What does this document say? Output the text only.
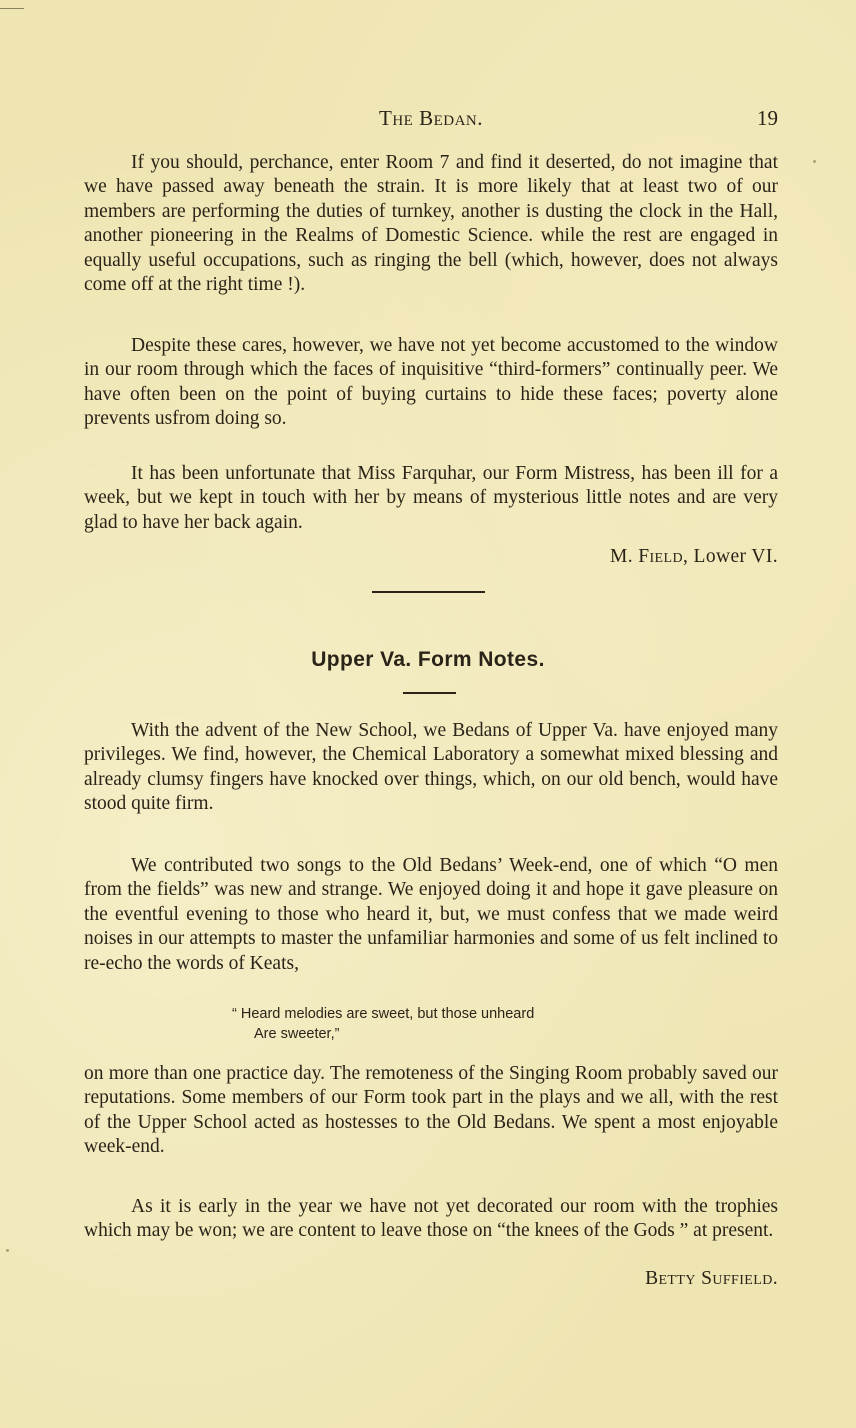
The Bedan.	19

If you should, perchance, enter Room 7 and find it deserted, do not imagine that we have passed away beneath the strain. It is more likely that at least two of our members are performing the duties of turnkey, another is dusting the clock in the Hall, another pioneering in the Realms of Domestic Science. while the rest are engaged in equally useful occupations, such as ringing the bell (which, however, does not always come off at the right time !).

Despite these cares, however, we have not yet become accustomed to the window in our room through which the faces of inquisitive “third-formers” continually peer. We have often been on the point of buying curtains to hide these faces; poverty alone prevents usfrom doing so.

It has been unfortunate that Miss Farquhar, our Form Mistress, has been ill for a week, but we kept in touch with her by means of mysterious little notes and are very glad to have her back again.

M. Field, Lower VI.
Upper Va. Form Notes.

With the advent of the New School, we Bedans of Upper Va. have enjoyed many privileges. We find, however, the Chemical Laboratory a somewhat mixed blessing and already clumsy fingers have knocked over things, which, on our old bench, would have stood quite firm.

We contributed two songs to the Old Bedans’ Week-end, one of which “O men from the fields” was new and strange. We enjoyed doing it and hope it gave pleasure on the eventful evening to those who heard it, but, we must confess that we made weird noises in our attempts to master the unfamiliar harmonies and some of us felt inclined to re-echo the words of Keats,

“ Heard melodies are sweet, but those unheard
Are sweeter,”

on more than one practice day. The remoteness of the Singing Room probably saved our reputations. Some members of our Form took part in the plays and we all, with the rest of the Upper School acted as hostesses to the Old Bedans. We spent a most enjoyable week-end.

As it is early in the year we have not yet decorated our room with the trophies which may be won; we are content to leave those on “the knees of the Gods ” at present.

Betty Suffield.
